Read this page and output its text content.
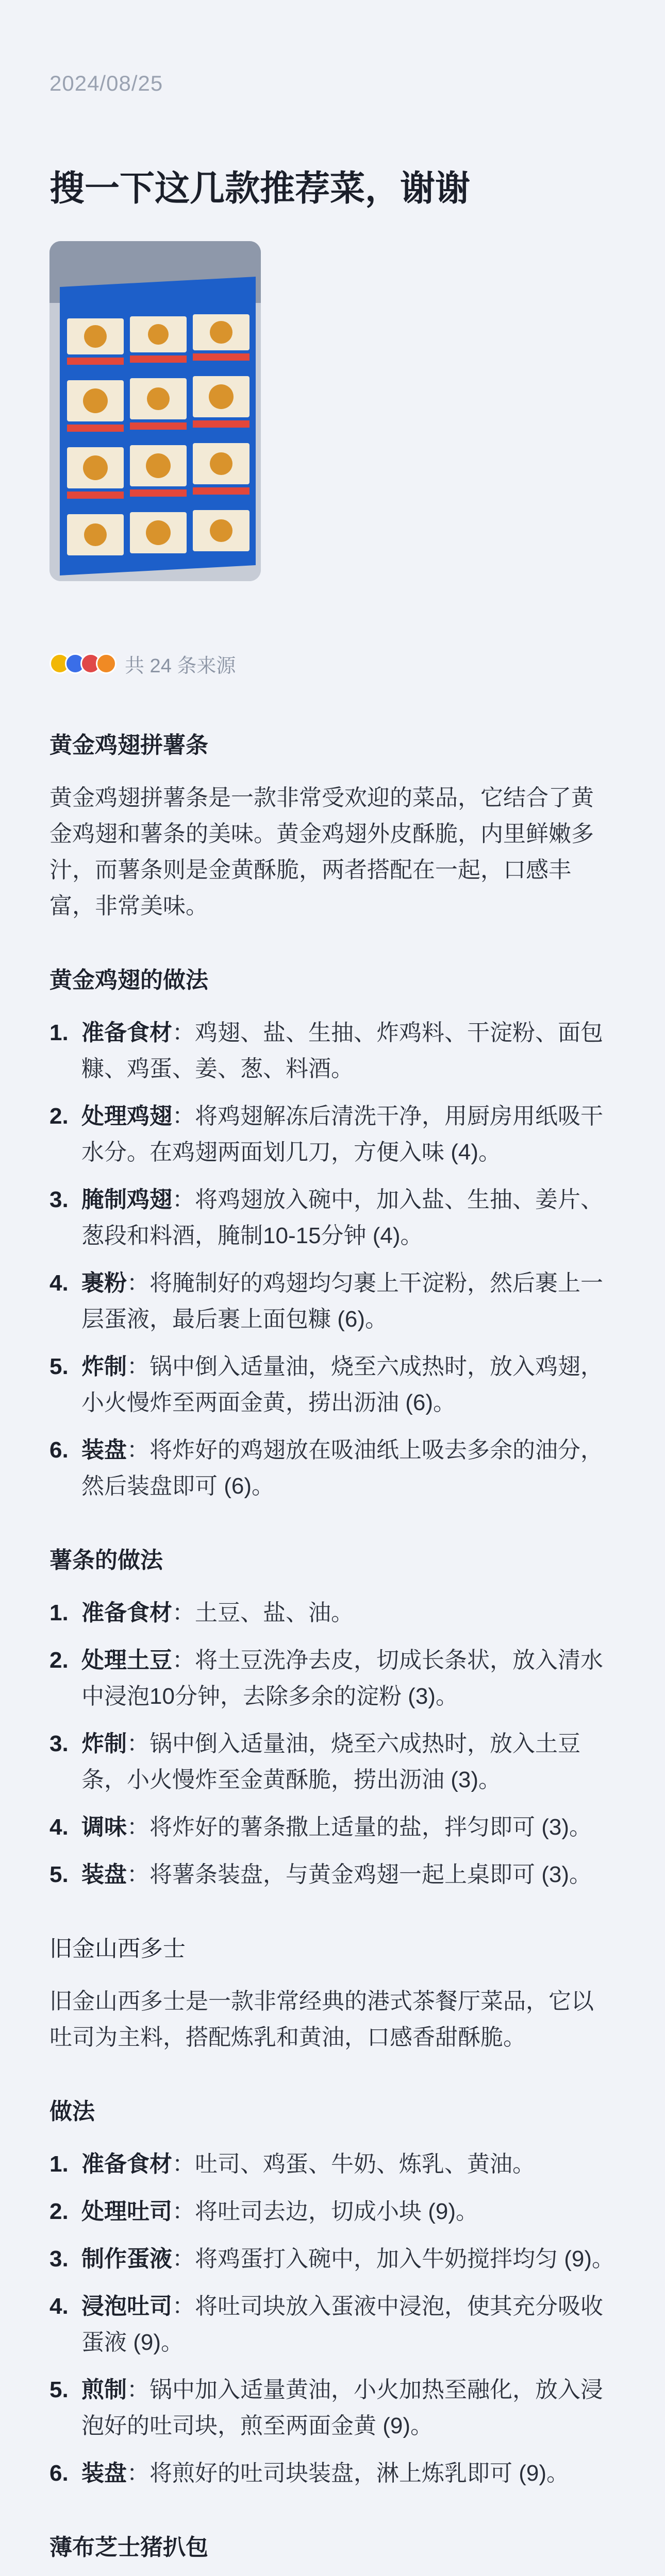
2024/08/25
搜一下这几款推荐菜，谢谢
共 24 条来源
黄金鸡翅拼薯条
黄金鸡翅拼薯条是一款非常受欢迎的菜品，它结合了黄金鸡翅和薯条的美味。黄金鸡翅外皮酥脆，内里鲜嫩多汁，而薯条则是金黄酥脆，两者搭配在一起，口感丰富，非常美味。
黄金鸡翅的做法
1. 准备食材：鸡翅、盐、生抽、炸鸡料、干淀粉、面包糠、鸡蛋、姜、葱、料酒。
2. 处理鸡翅：将鸡翅解冻后清洗干净，用厨房用纸吸干水分。在鸡翅两面划几刀，方便入味 (4)。
3. 腌制鸡翅：将鸡翅放入碗中，加入盐、生抽、姜片、葱段和料酒，腌制10-15分钟 (4)。
4. 裹粉：将腌制好的鸡翅均匀裹上干淀粉，然后裹上一层蛋液，最后裹上面包糠 (6)。
5. 炸制：锅中倒入适量油，烧至六成热时，放入鸡翅，小火慢炸至两面金黄，捞出沥油 (6)。
6. 装盘：将炸好的鸡翅放在吸油纸上吸去多余的油分，然后装盘即可 (6)。
薯条的做法
1. 准备食材：土豆、盐、油。
2. 处理土豆：将土豆洗净去皮，切成长条状，放入清水中浸泡10分钟，去除多余的淀粉 (3)。
3. 炸制：锅中倒入适量油，烧至六成热时，放入土豆条，小火慢炸至金黄酥脆，捞出沥油 (3)。
4. 调味：将炸好的薯条撒上适量的盐，拌匀即可 (3)。
5. 装盘：将薯条装盘，与黄金鸡翅一起上桌即可 (3)。
旧金山西多士
旧金山西多士是一款非常经典的港式茶餐厅菜品，它以吐司为主料，搭配炼乳和黄油，口感香甜酥脆。
做法
1. 准备食材：吐司、鸡蛋、牛奶、炼乳、黄油。
2. 处理吐司：将吐司去边，切成小块 (9)。
3. 制作蛋液：将鸡蛋打入碗中，加入牛奶搅拌均匀 (9)。
4. 浸泡吐司：将吐司块放入蛋液中浸泡，使其充分吸收蛋液 (9)。
5. 煎制：锅中加入适量黄油，小火加热至融化，放入浸泡好的吐司块，煎至两面金黄 (9)。
6. 装盘：将煎好的吐司块装盘，淋上炼乳即可 (9)。
薄布芝士猪扒包
